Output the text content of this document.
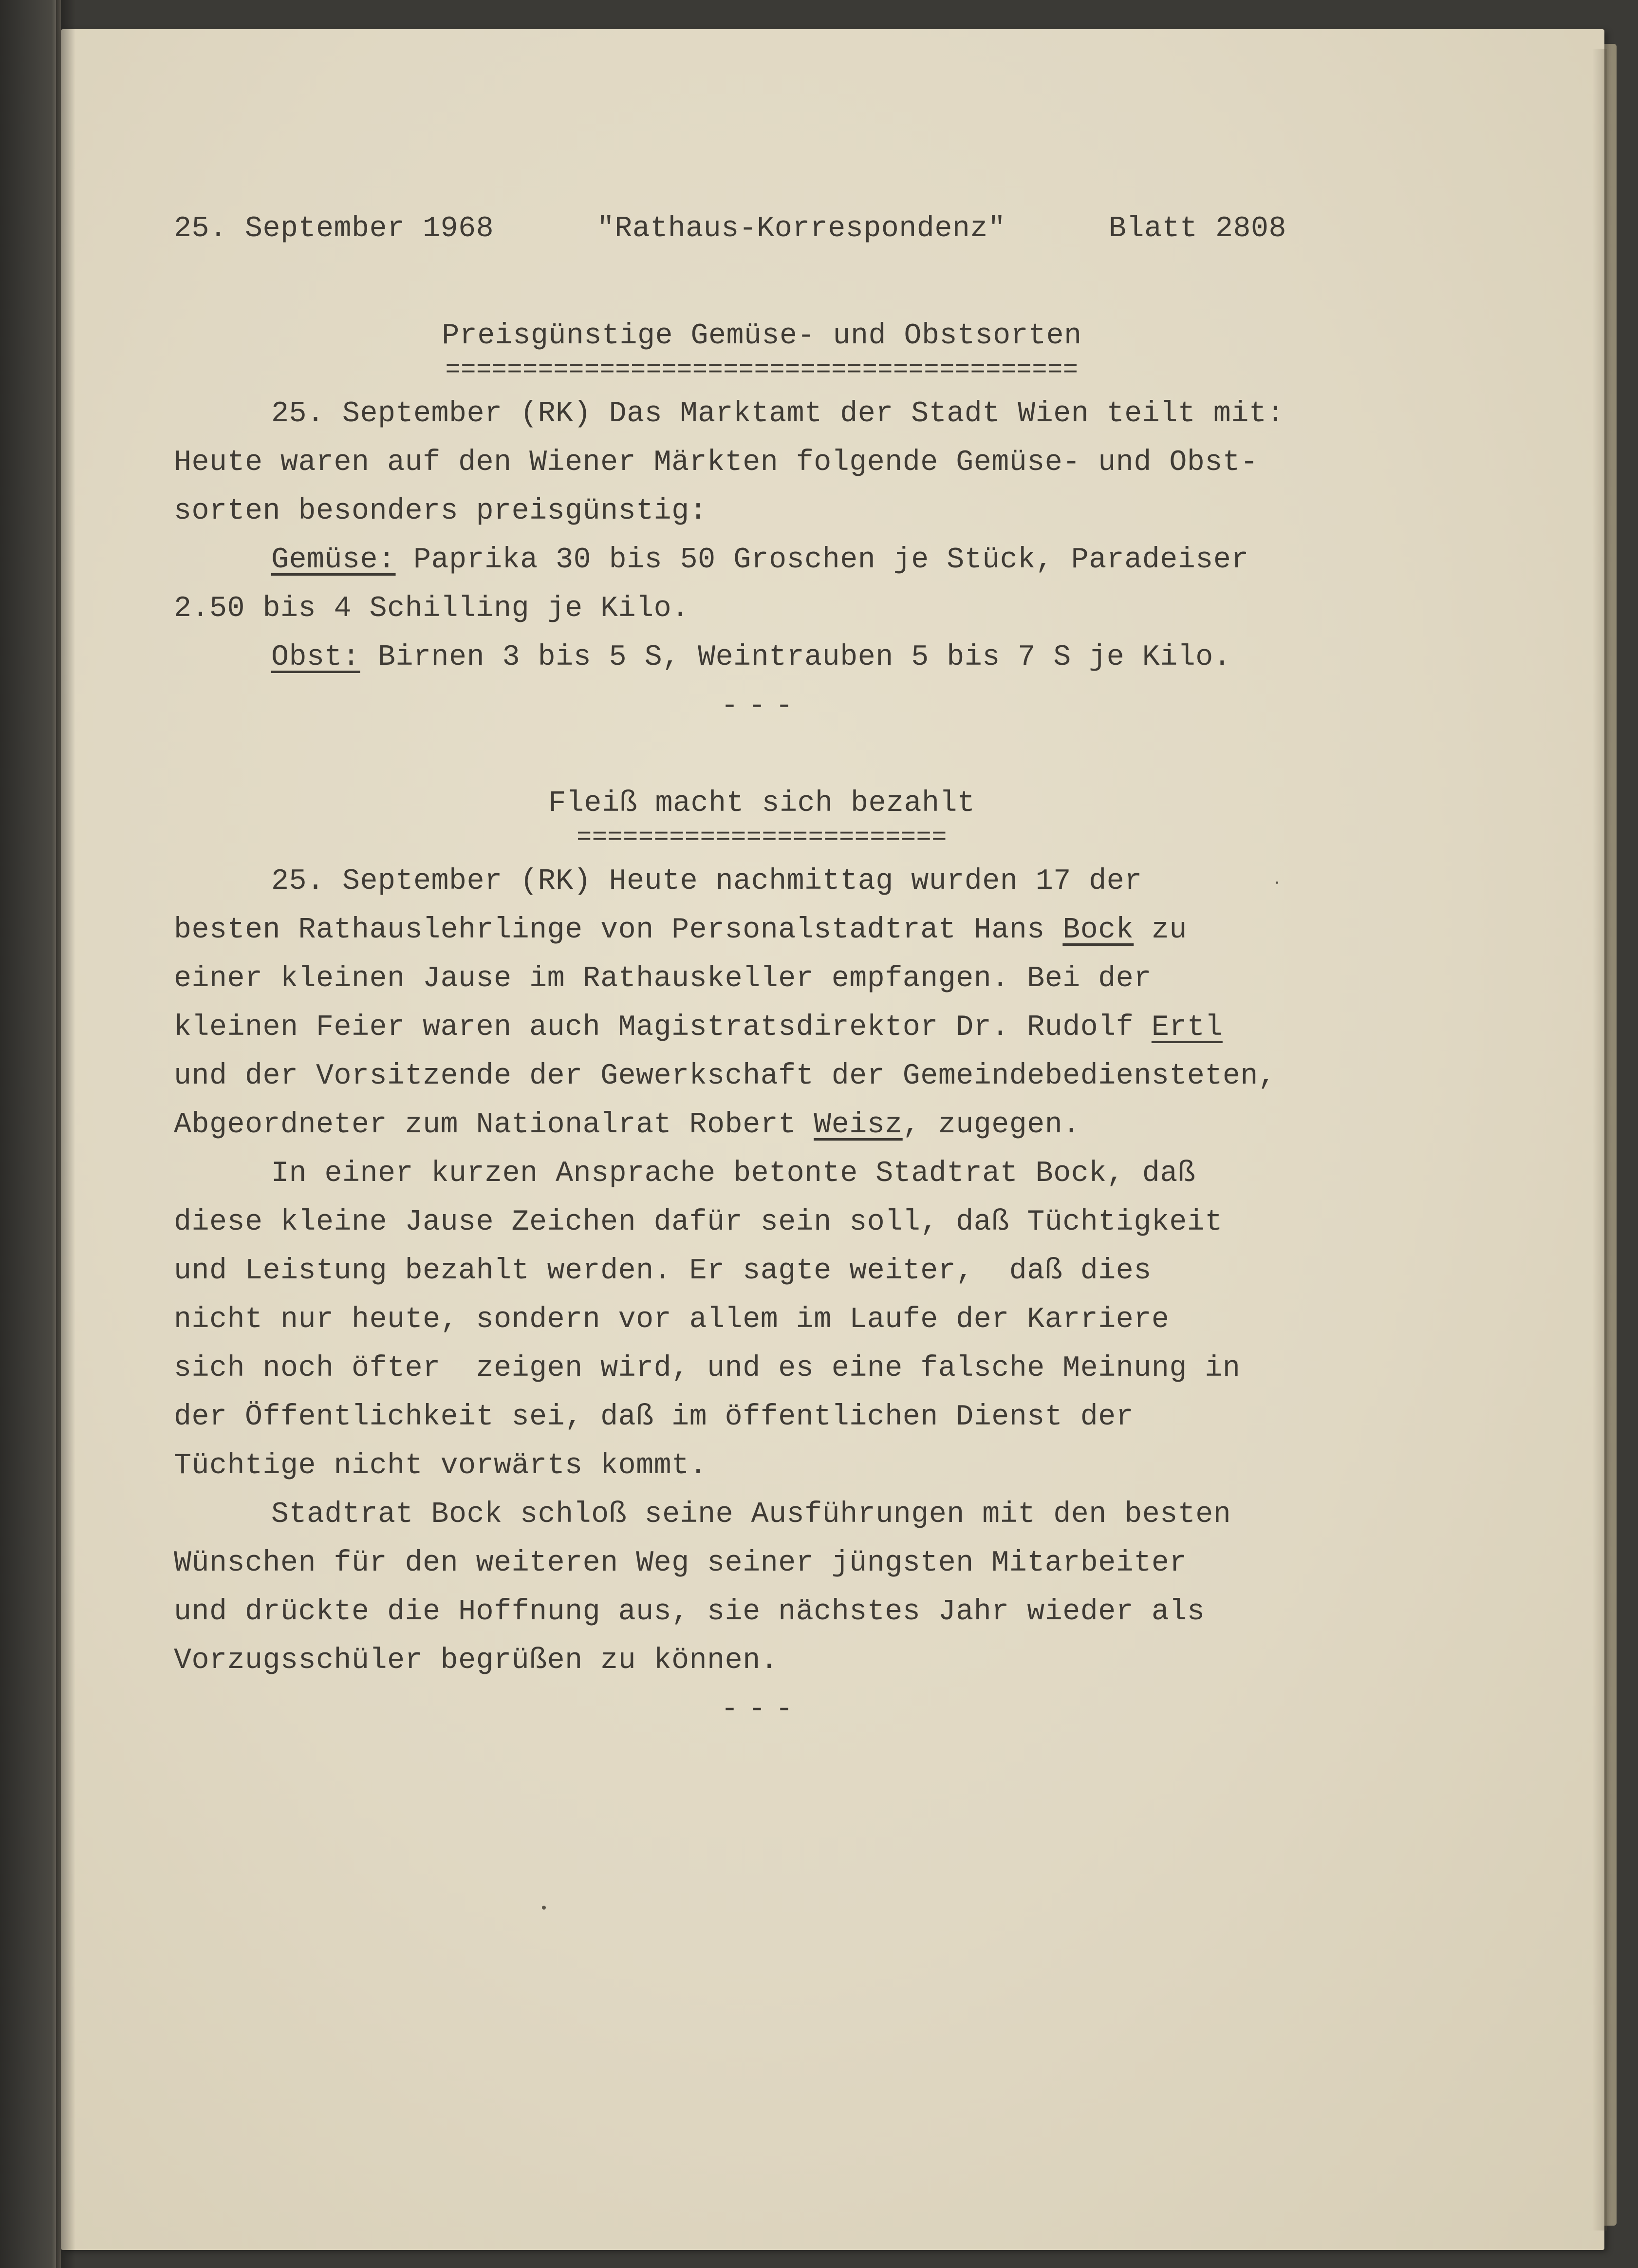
25. September 1968	"Rathaus-Korrespondenz"	Blatt 2808
Preisgünstige Gemüse- und Obstsorten
=========================================
25. September (RK) Das Marktamt der Stadt Wien teilt mit:
Heute waren auf den Wiener Märkten folgende Gemüse- und Obst-
sorten besonders preisgünstig:
Gemüse: Paprika 30 bis 50 Groschen je Stück, Paradeiser
2.50 bis 4 Schilling je Kilo.
Obst: Birnen 3 bis 5 S, Weintrauben 5 bis 7 S je Kilo.
---
Fleiß macht sich bezahlt
========================
25. September (RK) Heute nachmittag wurden 17 der
besten Rathauslehrlinge von Personalstadtrat Hans Bock zu
einer kleinen Jause im Rathauskeller empfangen. Bei der
kleinen Feier waren auch Magistratsdirektor Dr. Rudolf Ertl
und der Vorsitzende der Gewerkschaft der Gemeindebediensteten,
Abgeordneter zum Nationalrat Robert Weisz, zugegen.
In einer kurzen Ansprache betonte Stadtrat Bock, daß
diese kleine Jause Zeichen dafür sein soll, daß Tüchtigkeit
und Leistung bezahlt werden. Er sagte weiter,  daß dies
nicht nur heute, sondern vor allem im Laufe der Karriere
sich noch öfter  zeigen wird, und es eine falsche Meinung in
der Öffentlichkeit sei, daß im öffentlichen Dienst der
Tüchtige nicht vorwärts kommt.
Stadtrat Bock schloß seine Ausführungen mit den besten
Wünschen für den weiteren Weg seiner jüngsten Mitarbeiter
und drückte die Hoffnung aus, sie nächstes Jahr wieder als
Vorzugsschüler begrüßen zu können.
---
